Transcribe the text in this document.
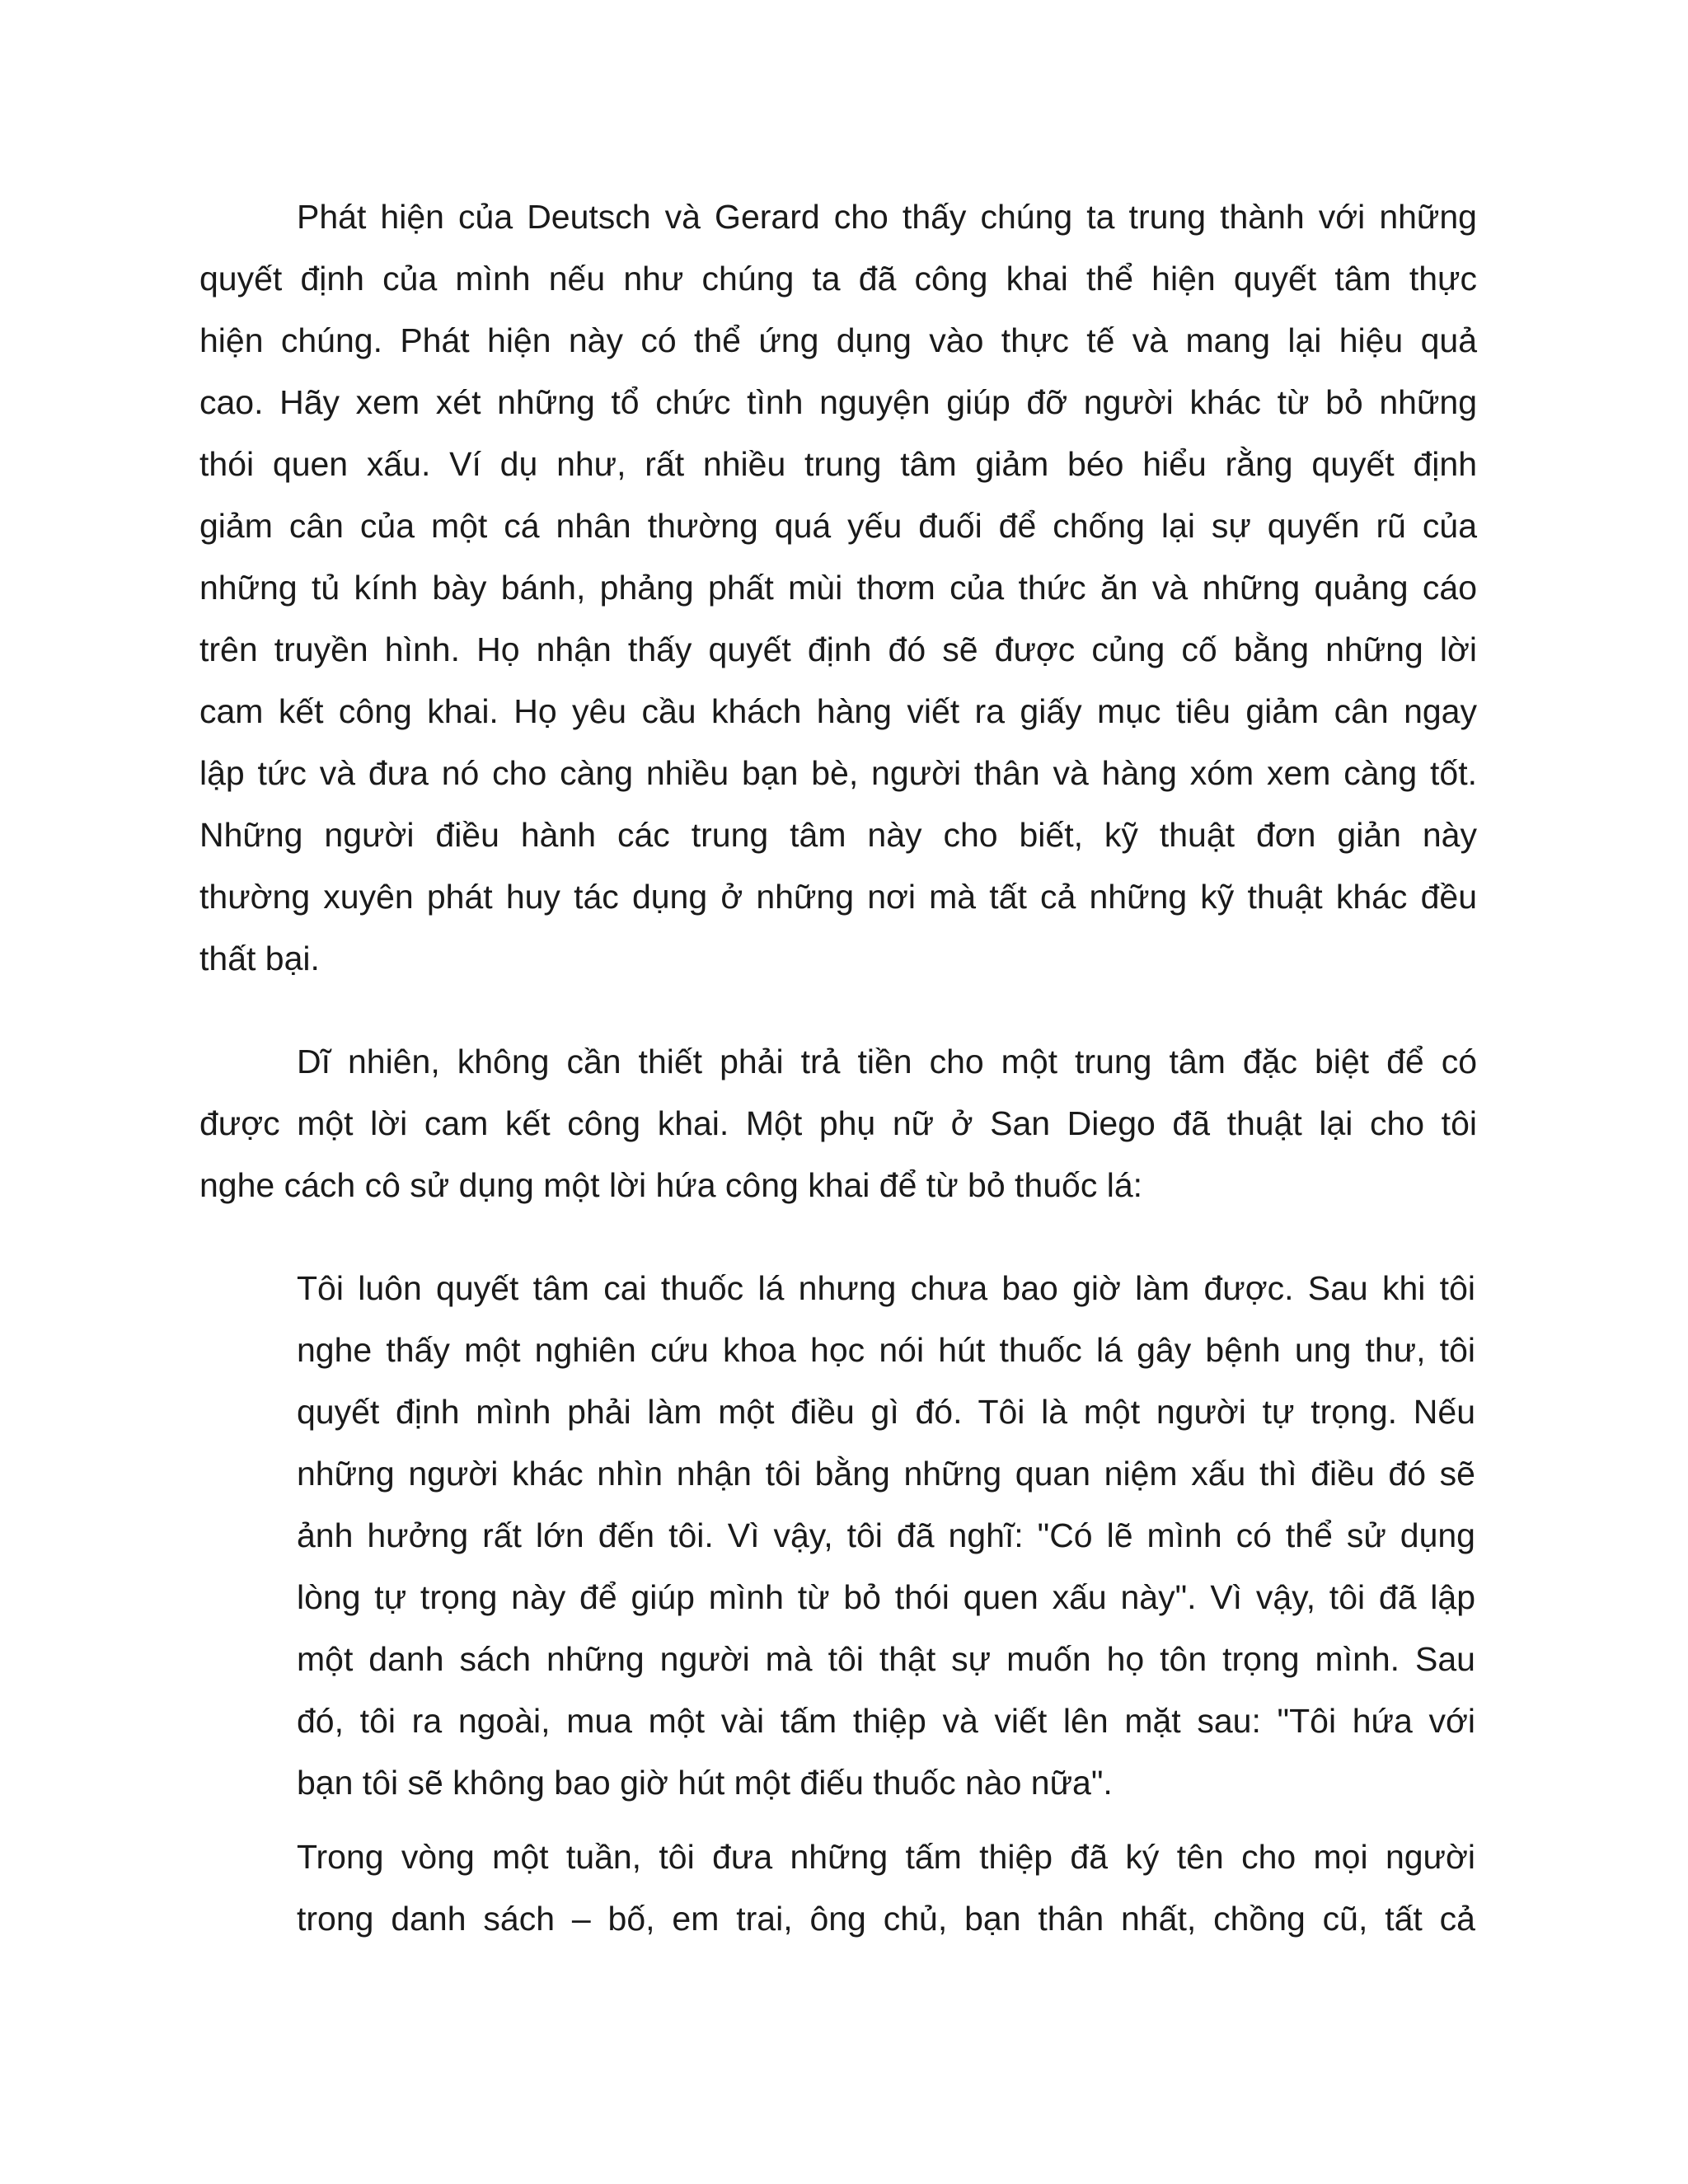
Phát hiện của Deutsch và Gerard cho thấy chúng ta trung thành với những

quyết định của mình nếu như chúng ta đã công khai thể hiện quyết tâm thực

hiện chúng. Phát hiện này có thể ứng dụng vào thực tế và mang lại hiệu quả

cao. Hãy xem xét những tổ chức tình nguyện giúp đỡ người khác từ bỏ những

thói quen xấu. Ví dụ như, rất nhiều trung tâm giảm béo hiểu rằng quyết định

giảm cân của một cá nhân thường quá yếu đuối để chống lại sự quyến rũ của

những tủ kính bày bánh, phảng phất mùi thơm của thức ăn và những quảng cáo

trên truyền hình. Họ nhận thấy quyết định đó sẽ được củng cố bằng những lời

cam kết công khai. Họ yêu cầu khách hàng viết ra giấy mục tiêu giảm cân ngay

lập tức và đưa nó cho càng nhiều bạn bè, người thân và hàng xóm xem càng tốt.

Những người điều hành các trung tâm này cho biết, kỹ thuật đơn giản này

thường xuyên phát huy tác dụng ở những nơi mà tất cả những kỹ thuật khác đều

thất bại.

Dĩ nhiên, không cần thiết phải trả tiền cho một trung tâm đặc biệt để có

được một lời cam kết công khai. Một phụ nữ ở San Diego đã thuật lại cho tôi

nghe cách cô sử dụng một lời hứa công khai để từ bỏ thuốc lá:

Tôi luôn quyết tâm cai thuốc lá nhưng chưa bao giờ làm được. Sau khi tôi

nghe thấy một nghiên cứu khoa học nói hút thuốc lá gây bệnh ung thư, tôi

quyết định mình phải làm một điều gì đó. Tôi là một người tự trọng. Nếu

những người khác nhìn nhận tôi bằng những quan niệm xấu thì điều đó sẽ

ảnh hưởng rất lớn đến tôi. Vì vậy, tôi đã nghĩ: "Có lẽ mình có thể sử dụng

lòng tự trọng này để giúp mình từ bỏ thói quen xấu này". Vì vậy, tôi đã lập

một danh sách những người mà tôi thật sự muốn họ tôn trọng mình. Sau

đó, tôi ra ngoài, mua một vài tấm thiệp và viết lên mặt sau: "Tôi hứa với

bạn tôi sẽ không bao giờ hút một điếu thuốc nào nữa".

Trong vòng một tuần, tôi đưa những tấm thiệp đã ký tên cho mọi người

trong danh sách – bố, em trai, ông chủ, bạn thân nhất, chồng cũ, tất cả
